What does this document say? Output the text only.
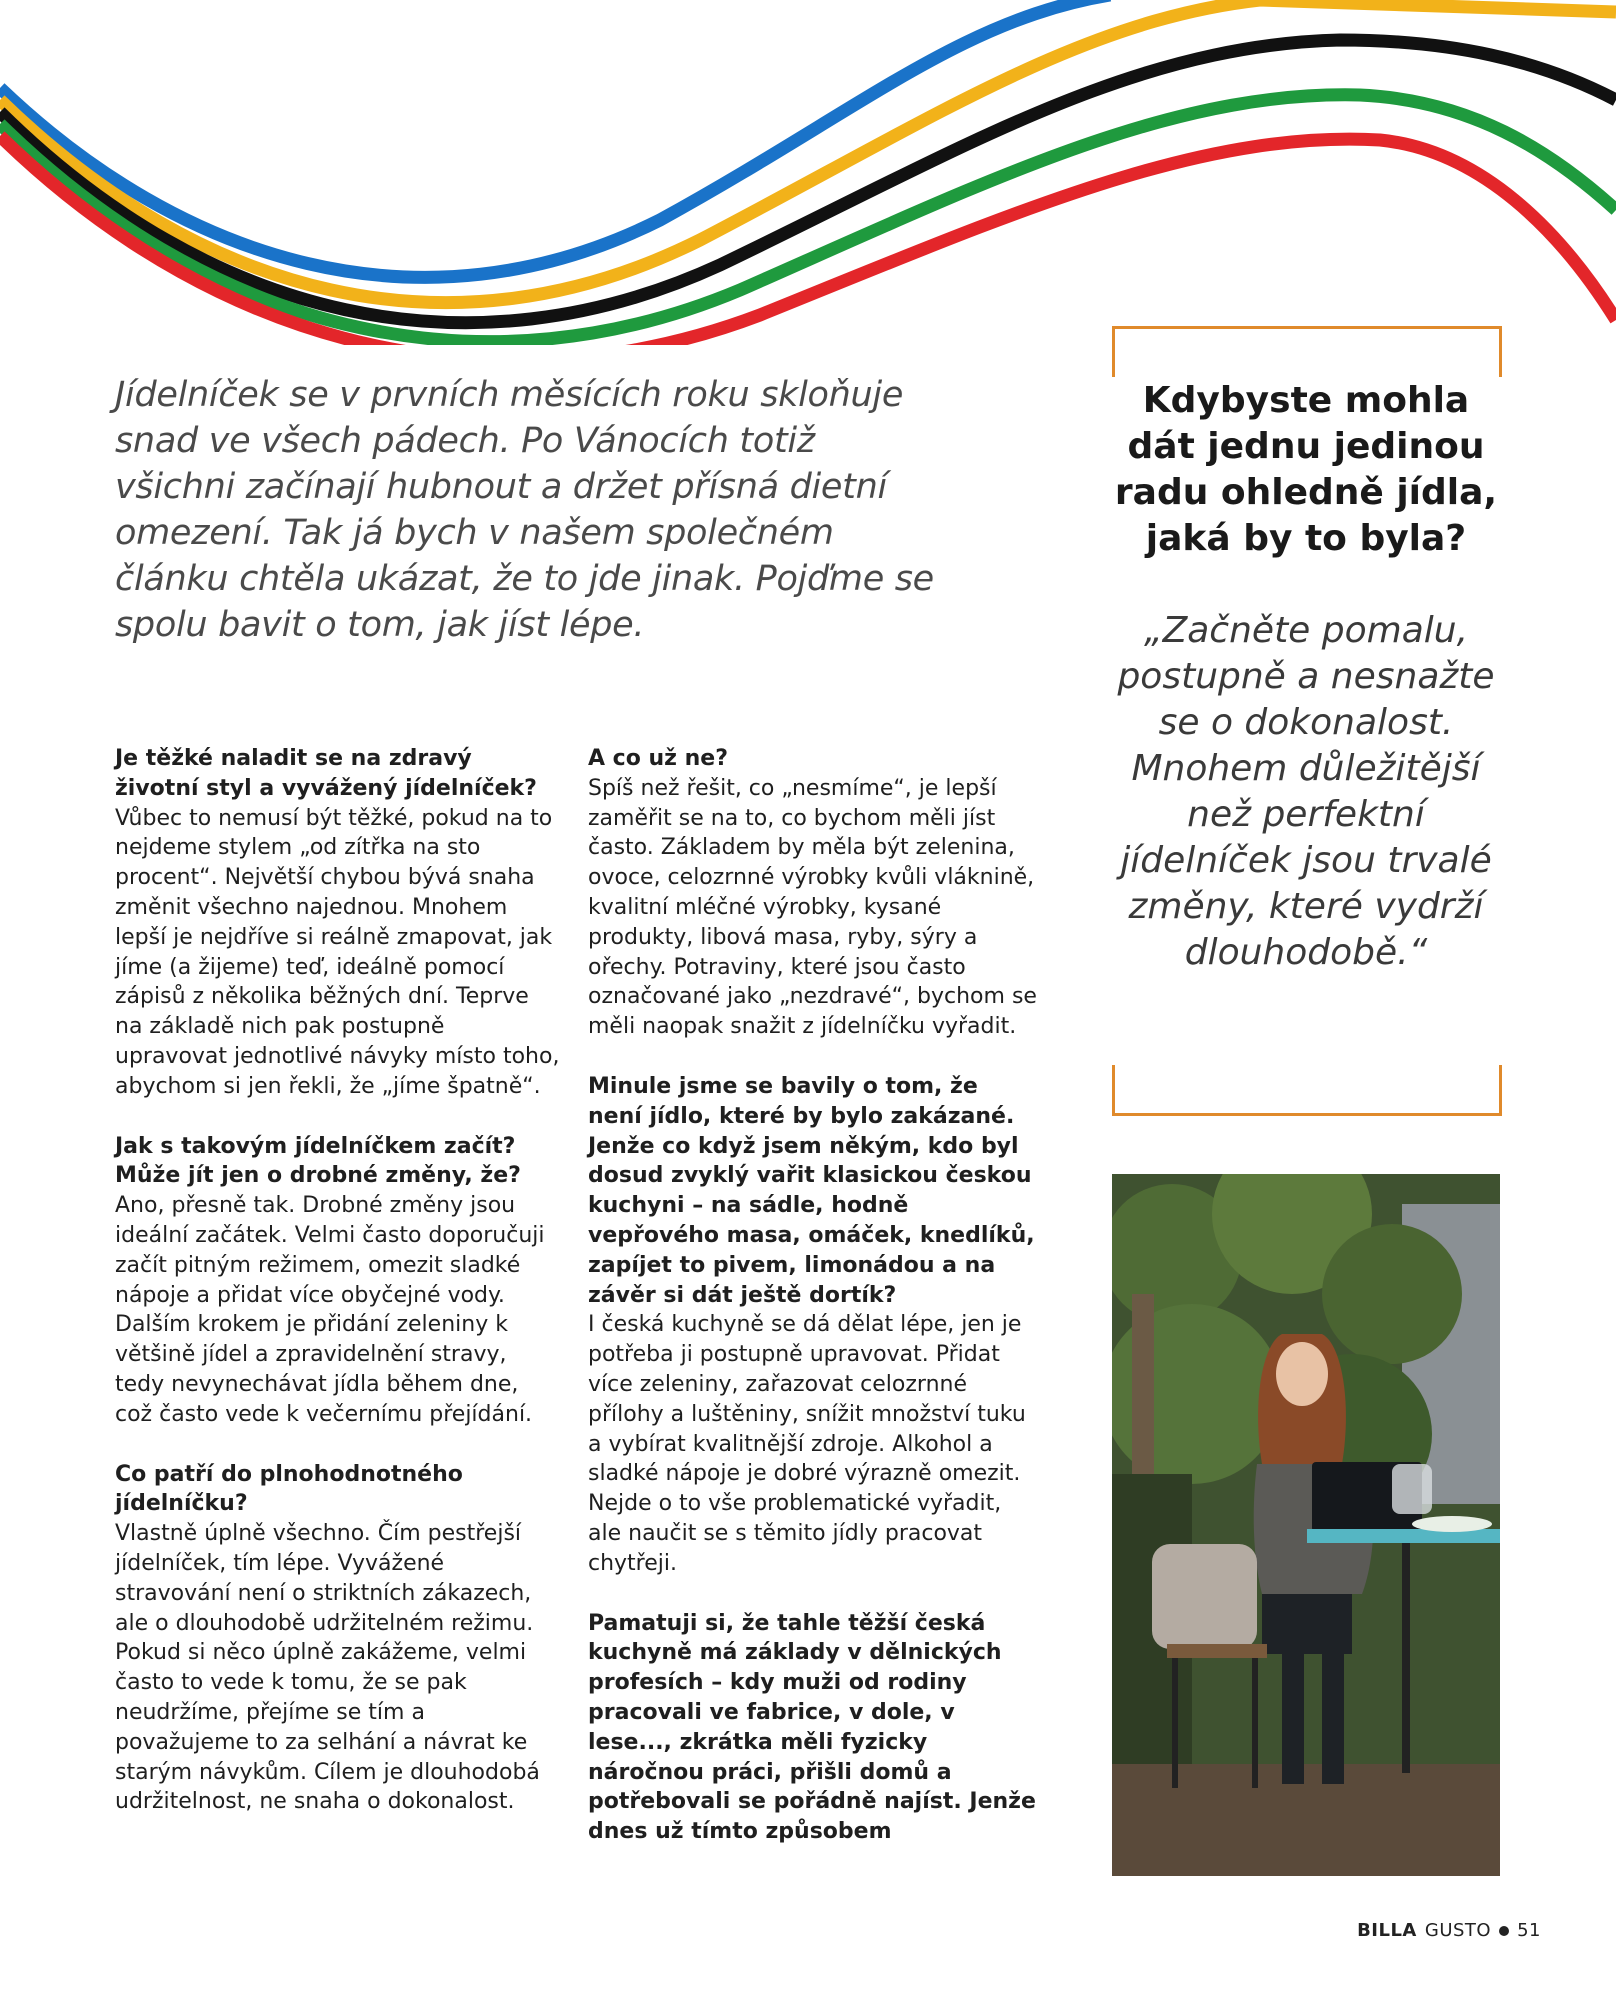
Jídelníček se v prvních měsících roku skloňuje snad ve všech pádech. Po Vánocích totiž všichni začínají hubnout a držet přísná dietní omezení. Tak já bych v našem společném článku chtěla ukázat, že to jde jinak. Pojďme se spolu bavit o tom, jak jíst lépe.

Je těžké naladit se na zdravý životní styl a vyvážený jídelníček?

Vůbec to nemusí být těžké, pokud na to nejdeme stylem „od zítřka na sto procent“. Největší chybou bývá snaha změnit všechno najednou. Mnohem lepší je nejdříve si reálně zmapovat, jak jíme (a žijeme) teď, ideálně pomocí zápisů z několika běžných dní. Teprve na základě nich pak postupně upravovat jednotlivé návyky místo toho, abychom si jen řekli, že „jíme špatně“.

Jak s takovým jídelníčkem začít? Může jít jen o drobné změny, že?

Ano, přesně tak. Drobné změny jsou ideální začátek. Velmi často doporučuji začít pitným režimem, omezit sladké nápoje a přidat více obyčejné vody. Dalším krokem je přidání zeleniny k většině jídel a zpravidelnění stravy, tedy nevynechávat jídla během dne, což často vede k večernímu přejídání.

Co patří do plnohodnotného jídelníčku?

Vlastně úplně všechno. Čím pestřejší jídelníček, tím lépe. Vyvážené stravování není o striktních zákazech, ale o dlouhodobě udržitelném režimu. Pokud si něco úplně zakážeme, velmi často to vede k tomu, že se pak neudržíme, přejíme se tím a považujeme to za selhání a návrat ke starým návykům. Cílem je dlouhodobá udržitelnost, ne snaha o dokonalost.

A co už ne?

Spíš než řešit, co „nesmíme“, je lepší zaměřit se na to, co bychom měli jíst často. Základem by měla být zelenina, ovoce, celozrnné výrobky kvůli vláknině, kvalitní mléčné výrobky, kysané produkty, libová masa, ryby, sýry a ořechy. Potraviny, které jsou často označované jako „nezdravé“, bychom se měli naopak snažit z jídelníčku vyřadit.

Minule jsme se bavily o tom, že není jídlo, které by bylo zakázané. Jenže co když jsem někým, kdo byl dosud zvyklý vařit klasickou českou kuchyni – na sádle, hodně vepřového masa, omáček, knedlíků, zapíjet to pivem, limonádou a na závěr si dát ještě dortík?

I česká kuchyně se dá dělat lépe, jen je potřeba ji postupně upravovat. Přidat více zeleniny, zařazovat celozrnné přílohy a luštěniny, snížit množství tuku a vybírat kvalitnější zdroje. Alkohol a sladké nápoje je dobré výrazně omezit. Nejde o to vše problematické vyřadit, ale naučit se s těmito jídly pracovat chytřeji.

Pamatuji si, že tahle těžší česká kuchyně má základy v dělnických profesích – kdy muži od rodiny pracovali ve fabrice, v dole, v lese..., zkrátka měli fyzicky náročnou práci, přišli domů a potřebovali se pořádně najíst. Jenže dnes už tímto způsobem

Kdybyste mohla dát jednu jedinou radu ohledně jídla, jaká by to byla?

„Začněte pomalu, postupně a nesnažte se o dokonalost. Mnohem důležitější než perfektní jídelníček jsou trvalé změny, které vydrží dlouhodobě.“

BILLA GUSTO 51
